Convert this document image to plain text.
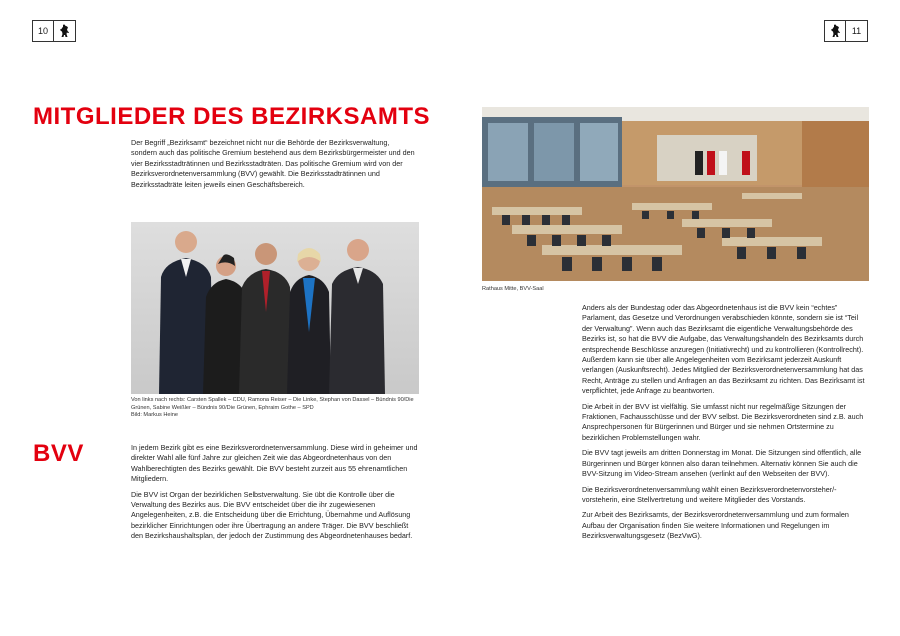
10	11
MITGLIEDER DES BEZIRKSAMTS

Der Begriff „Bezirksamt“ bezeichnet nicht nur die Behörde der Bezirksverwaltung, sondern auch das politische Gremium bestehend aus dem Bezirksbürgermeister und den vier Bezirksstadträtinnen und Bezirksstadträten. Das politische Gremium wird von der Bezirksverordnetenversammlung (BVV) gewählt. Die Bezirksstadträtinnen und Bezirksstadträte leiten jeweils einen Geschäftsbereich.

Von links nach rechts: Carsten Spallek – CDU, Ramona Reiser – Die Linke, Stephan von Dassel – Bündnis 90/Die Grünen, Sabine Weißler – Bündnis 90/Die Grünen, Ephraim Gothe – SPD
Bild: Markus Heine
BVV	In jedem Bezirk gibt es eine Bezirksverordnetenversammlung. Diese wird in geheimer und direkter Wahl alle fünf Jahre zur gleichen Zeit wie das Abgeordnetenhaus von den Wahlberechtigten des Bezirks gewählt. Die BVV besteht zurzeit aus 55 ehrenamtlichen Mitgliedern.

Die BVV ist Organ der bezirklichen Selbstverwaltung. Sie übt die Kontrolle über die Verwaltung des Bezirks aus. Die BVV entscheidet über die ihr zugewiesenen Angelegenheiten, z.B. die Entscheidung über die Errichtung, Übernahme und Auflösung bezirklicher Einrichtungen oder ihre Übertragung an andere Träger. Die BVV beschließt den Bezirkshaushaltsplan, der jedoch der Zustimmung des Abgeordnetenhauses bedarf.

Rathaus Mitte, BVV-Saal

Anders als der Bundestag oder das Abgeordnetenhaus ist die BVV kein “echtes” Parlament, das Gesetze und Verordnungen verabschieden könnte, sondern sie ist “Teil der Verwaltung”. Wenn auch das Bezirksamt die eigentliche Verwaltungsbehörde des Bezirks ist, so hat die BVV die Aufgabe, das Verwaltungshandeln des Bezirksamts durch entsprechende Beschlüsse anzuregen (Initiativrecht) und zu kontrollieren (Kontrollrecht). Außerdem kann sie über alle Angelegenheiten vom Bezirksamt jederzeit Auskunft verlangen (Auskunftsrecht). Jedes Mitglied der Bezirksverordnetenversammlung hat das Recht, Anträge zu stellen und Anfragen an das Bezirksamt zu richten. Das Bezirksamt ist verpflichtet, jede Anfrage zu beantworten.

Die Arbeit in der BVV ist vielfältig. Sie umfasst nicht nur regelmäßige Sitzungen der Fraktionen, Fachausschüsse und der BVV selbst. Die Bezirksverordneten sind z.B. auch Ansprechpersonen für Bürgerinnen und Bürger und sie nehmen Ortstermine zu bezirklichen Problemstellungen wahr.

Die BVV tagt jeweils am dritten Donnerstag im Monat. Die Sitzungen sind öffentlich, alle Bürgerinnen und Bürger können also daran teilnehmen. Alternativ können Sie auch die BVV-Sitzung im Video-Stream ansehen (verlinkt auf den Webseiten der BVV).

Die Bezirksverordnetenversammlung wählt einen Bezirksverordnetenvorsteher/-vorsteherin, eine Stellvertretung und weitere Mitglieder des Vorstands.

Zur Arbeit des Bezirksamts, der Bezirksverordnetenversammlung und zum formalen Aufbau der Organisation finden Sie weitere Informationen und Regelungen im Bezirksverwaltungsgesetz (BezVwG).
